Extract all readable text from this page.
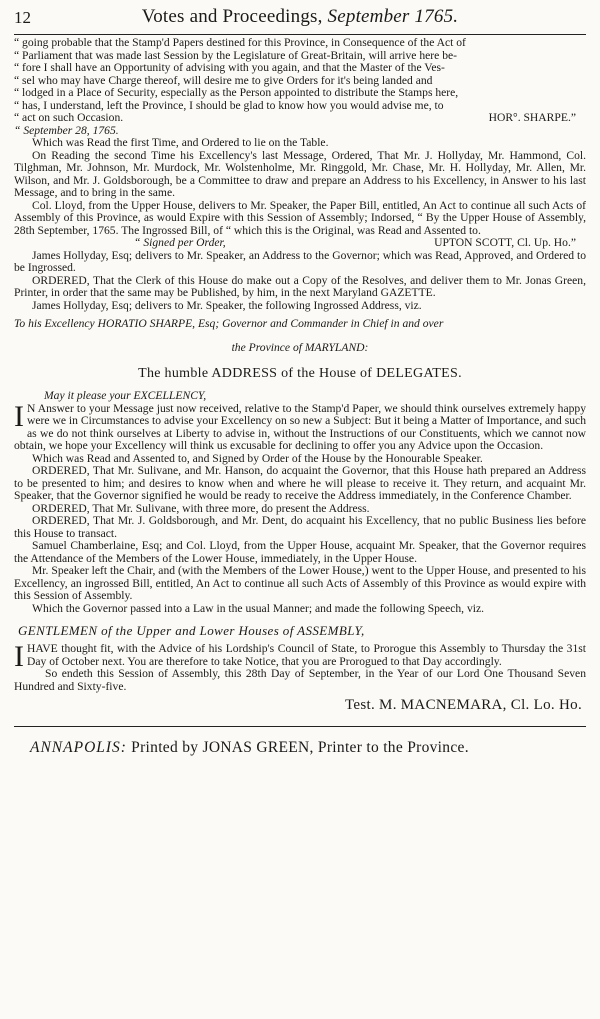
12	Votes and Proceedings, September 1765.

“ going probable that the Stamp'd Papers destined for this Province, in Consequence of the Act of

“ Parliament that was made last Session by the Legislature of Great-Britain, will arrive here be-

“ fore I shall have an Opportunity of advising with you again, and that the Master of the Ves-

“ sel who may have Charge thereof, will desire me to give Orders for it's being landed and

“ lodged in a Place of Security, especially as the Person appointed to distribute the Stamps here,

“ has, I understand, left the Province, I should be glad to know how you would advise me, to

“ act on such Occasion.	HOR°. SHARPE.”

“ September 28, 1765.

Which was Read the first Time, and Ordered to lie on the Table.

On Reading the second Time his Excellency's last Message, Ordered, That Mr. J. Hollyday, Mr. Hammond, Col. Tilghman, Mr. Johnson, Mr. Murdock, Mr. Wolstenholme, Mr. Ringgold, Mr. Chase, Mr. H. Hollyday, Mr. Allen, Mr. Wilson, and Mr. J. Goldsborough, be a Committee to draw and prepare an Address to his Excellency, in Answer to his last Message, and to bring in the same.

Col. Lloyd, from the Upper House, delivers to Mr. Speaker, the Paper Bill, entitled, An Act to continue all such Acts of Assembly of this Province, as would Expire with this Session of Assembly; Indorsed, “ By the Upper House of Assembly, 28th September, 1765. The Ingrossed Bill, of “ which this is the Original, was Read and Assented to.

“ Signed per Order,	UPTON SCOTT, Cl. Up. Ho.”

James Hollyday, Esq; delivers to Mr. Speaker, an Address to the Governor; which was Read, Approved, and Ordered to be Ingrossed.

ORDERED, That the Clerk of this House do make out a Copy of the Resolves, and deliver them to Mr. Jonas Green, Printer, in order that the same may be Published, by him, in the next Maryland GAZETTE.

James Hollyday, Esq; delivers to Mr. Speaker, the following Ingrossed Address, viz.

To his Excellency HORATIO SHARPE, Esq; Governor and Commander in Chief in and over

the Province of MARYLAND:

The humble ADDRESS of the House of DELEGATES.

May it please your EXCELLENCY,

I N Answer to your Message just now received, relative to the Stamp'd Paper, we should think ourselves extremely happy were we in Circumstances to advise your Excellency on so new a Subject: But it being a Matter of Importance, and such as we do not think ourselves at Liberty to advise in, without the Instructions of our Constituents, which we cannot now obtain, we hope your Excellency will think us excusable for declining to offer you any Advice upon the Occasion.

Which was Read and Assented to, and Signed by Order of the House by the Honourable Speaker.

ORDERED, That Mr. Sulivane, and Mr. Hanson, do acquaint the Governor, that this House hath prepared an Address to be presented to him; and desires to know when and where he will please to receive it. They return, and acquaint Mr. Speaker, that the Governor signified he would be ready to receive the Address immediately, in the Conference Chamber.

ORDERED, That Mr. Sulivane, with three more, do present the Address.

ORDERED, That Mr. J. Goldsborough, and Mr. Dent, do acquaint his Excellency, that no public Business lies before this House to transact.

Samuel Chamberlaine, Esq; and Col. Lloyd, from the Upper House, acquaint Mr. Speaker, that the Governor requires the Attendance of the Members of the Lower House, immediately, in the Upper House.

Mr. Speaker left the Chair, and (with the Members of the Lower House,) went to the Upper House, and presented to his Excellency, an ingrossed Bill, entitled, An Act to continue all such Acts of Assembly of this Province as would expire with this Session of Assembly.

Which the Governor passed into a Law in the usual Manner; and made the following Speech, viz.

GENTLEMEN of the Upper and Lower Houses of ASSEMBLY,

IHAVE thought fit, with the Advice of his Lordship's Council of State, to Prorogue this Assembly to Thursday the 31st Day of October next. You are therefore to take Notice, that you are Prorogued to that Day accordingly.

So endeth this Session of Assembly, this 28th Day of September, in the Year of our Lord One Thousand Seven Hundred and Sixty-five.

Test. M. MACNEMARA, Cl. Lo. Ho.
ANNAPOLIS: Printed by JONAS GREEN, Printer to the Province.
